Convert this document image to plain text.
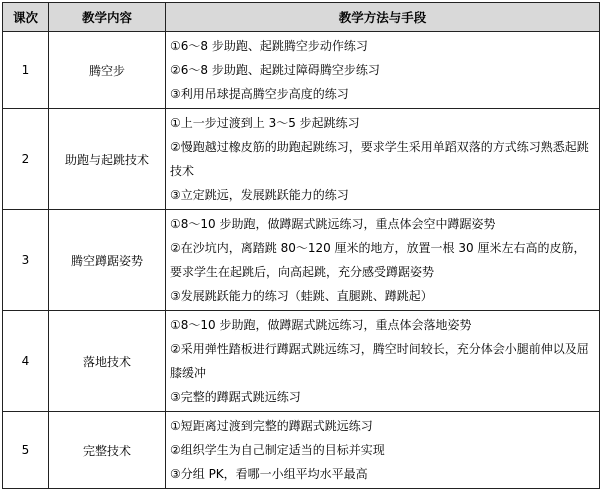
课次	教学内容	教学方法与手段
1	腾空步	①6～8 步助跑、起跳腾空步动作练习
②6～8 步助跑、起跳过障碍腾空步练习
③利用吊球提高腾空步高度的练习

2	助跑与起跳技术	①上一步过渡到上 3～5 步起跳练习
②慢跑越过橡皮筋的助跑起跳练习，要求学生采用单蹈双落的方式练习熟悉起跳技术
③立定跳远，发展跳跃能力的练习

3	腾空蹲踞姿势	①8～10 步助跑，做蹲踞式跳远练习，重点体会空中蹲踞姿势
②在沙坑内，离踏跳 80～120 厘米的地方，放置一根 30 厘米左右高的皮筋，要求学生在起跳后，向高起跳，充分感受蹲踞姿势
③发展跳跃能力的练习（蛙跳、直腿跳、蹲跳起）

4	落地技术	①8～10 步助跑，做蹲踞式跳远练习，重点体会落地姿势
②采用弹性踏板进行蹲踞式跳远练习，腾空时间较长，充分体会小腿前伸以及屈膝缓冲
③完整的蹲踞式跳远练习

5	完整技术	①短距离过渡到完整的蹲踞式跳远练习
②组织学生为自己制定适当的目标并实现
③分组 PK，看哪一小组平均水平最高
